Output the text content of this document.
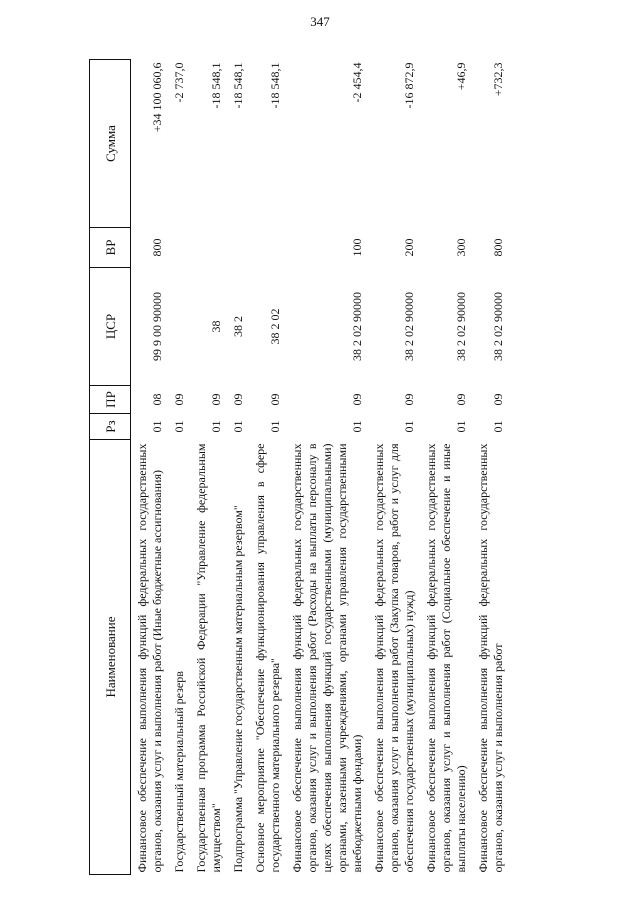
347
Наименование	Рз	ПР	ЦСР	ВР	Сумма
Финансовое обеспечение выполнения функций федеральных государственных органов, оказания услуг и выполнения работ (Иные бюджетные ассигнования)	01	08	99 9 00 90000	800	+34 100 060,6
Государственный материальный резерв	01	09			-2 737,0
Государственная программа Российской Федерации "Управление федеральным имуществом"	01	09	38		-18 548,1
Подпрограмма "Управление государственным материальным резервом"	01	09	38 2		-18 548,1
Основное мероприятие "Обеспечение функционирования управления в сфере государственного материального резерва"	01	09	38 2 02		-18 548,1
Финансовое обеспечение выполнения функций федеральных государственных органов, оказания услуг и выполнения работ (Расходы на выплаты персоналу в целях обеспечения выполнения функций государственными (муниципальными) органами, казенными учреждениями, органами управления государственными внебюджетными фондами)	01	09	38 2 02 90000	100	-2 454,4
Финансовое обеспечение выполнения функций федеральных государственных органов, оказания услуг и выполнения работ (Закупка товаров, работ и услуг для обеспечения государственных (муниципальных) нужд)	01	09	38 2 02 90000	200	-16 872,9
Финансовое обеспечение выполнения функций федеральных государственных органов, оказания услуг и выполнения работ (Социальное обеспечение и иные выплаты населению)	01	09	38 2 02 90000	300	+46,9
Финансовое обеспечение выполнения функций федеральных государственных органов, оказания услуг и выполнения работ	01	09	38 2 02 90000	800	+732,3
